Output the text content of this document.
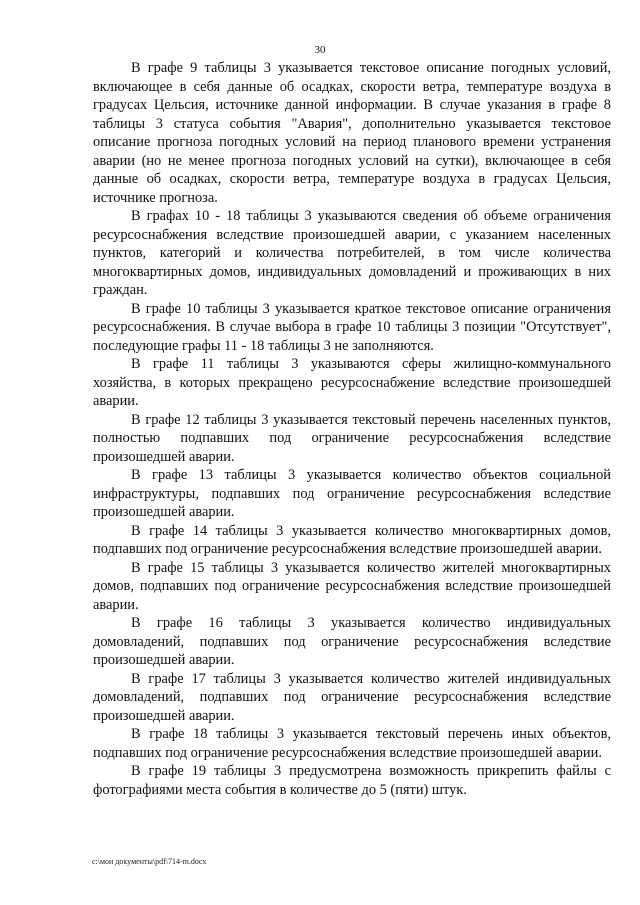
30

В графе 9 таблицы 3 указывается текстовое описание погодных условий, включающее в себя данные об осадках, скорости ветра, температуре воздуха в градусах Цельсия, источнике данной информации. В случае указания в графе 8 таблицы 3 статуса события "Авария", дополнительно указывается текстовое описание прогноза погодных условий на период планового времени устранения аварии (но не менее прогноза погодных условий на сутки), включающее в себя данные об осадках, скорости ветра, температуре воздуха в градусах Цельсия, источнике прогноза.

В графах 10 - 18 таблицы 3 указываются сведения об объеме ограничения ресурсоснабжения вследствие произошедшей аварии, с указанием населенных пунктов, категорий и количества потребителей, в том числе количества многоквартирных домов, индивидуальных домовладений и проживающих в них граждан.

В графе 10 таблицы 3 указывается краткое текстовое описание ограничения ресурсоснабжения. В случае выбора в графе 10 таблицы 3 позиции "Отсутствует", последующие графы 11 - 18 таблицы 3 не заполняются.

В графе 11 таблицы 3 указываются сферы жилищно-коммунального хозяйства, в которых прекращено ресурсоснабжение вследствие произошедшей аварии.

В графе 12 таблицы 3 указывается текстовый перечень населенных пунктов, полностью подпавших под ограничение ресурсоснабжения вследствие произошедшей аварии.

В графе 13 таблицы 3 указывается количество объектов социальной инфраструктуры, подпавших под ограничение ресурсоснабжения вследствие произошедшей аварии.

В графе 14 таблицы 3 указывается количество многоквартирных домов, подпавших под ограничение ресурсоснабжения вследствие произошедшей аварии.

В графе 15 таблицы 3 указывается количество жителей многоквартирных домов, подпавших под ограничение ресурсоснабжения вследствие произошедшей аварии.

В графе 16 таблицы 3 указывается количество индивидуальных домовладений, подпавших под ограничение ресурсоснабжения вследствие произошедшей аварии.

В графе 17 таблицы 3 указывается количество жителей индивидуальных домовладений, подпавших под ограничение ресурсоснабжения вследствие произошедшей аварии.

В графе 18 таблицы 3 указывается текстовый перечень иных объектов, подпавших под ограничение ресурсоснабжения вследствие произошедшей аварии.

В графе 19 таблицы 3 предусмотрена возможность прикрепить файлы с фотографиями места события в количестве до 5 (пяти) штук.

c:\мои документы\pdf\714-m.docx
